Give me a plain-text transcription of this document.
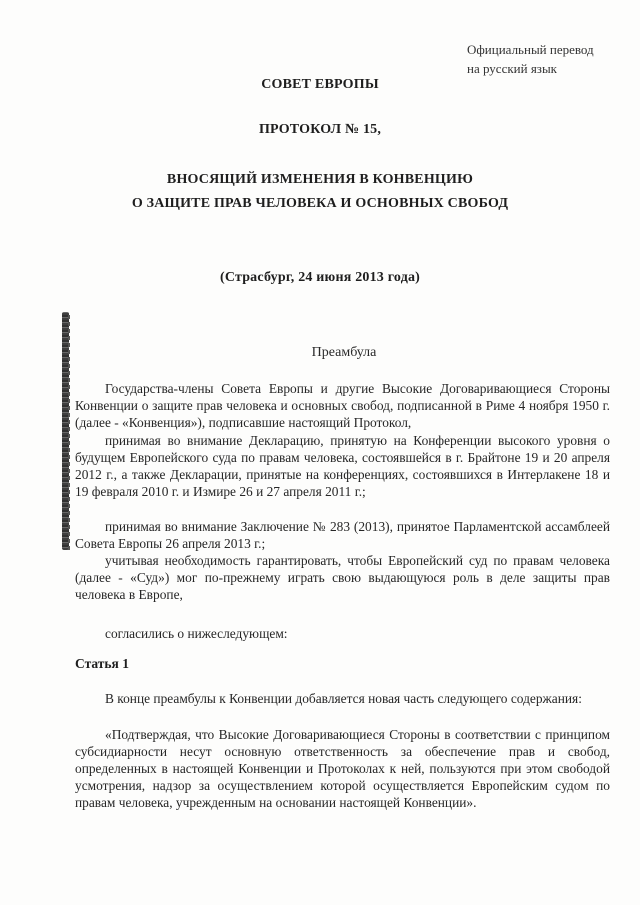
Официальный перевод
на русский язык
СОВЕТ ЕВРОПЫ
ПРОТОКОЛ № 15,
ВНОСЯЩИЙ ИЗМЕНЕНИЯ В КОНВЕНЦИЮ
О ЗАЩИТЕ ПРАВ ЧЕЛОВЕКА И ОСНОВНЫХ СВОБОД
(Страсбург, 24 июня 2013 года)
Преамбула
Государства-члены Совета Европы и другие Высокие Договаривающиеся Стороны Конвенции о защите прав человека и основных свобод, подписанной в Риме 4 ноября 1950 г. (далее - «Конвенция»), подписавшие настоящий Протокол,
принимая во внимание Декларацию, принятую на Конференции высокого уровня о будущем Европейского суда по правам человека, состоявшейся в г. Брайтоне 19 и 20 апреля 2012 г., а также Декларации, принятые на конференциях, состоявшихся в Интерлакене 18 и 19 февраля 2010 г. и Измире 26 и 27 апреля 2011 г.;
принимая во внимание Заключение № 283 (2013), принятое Парламентской ассамблеей Совета Европы 26 апреля 2013 г.;
учитывая необходимость гарантировать, чтобы Европейский суд по правам человека (далее - «Суд») мог по-прежнему играть свою выдающуюся роль в деле защиты прав человека в Европе,
согласились о нижеследующем:
Статья 1
В конце преамбулы к Конвенции добавляется новая часть следующего содержания:
«Подтверждая, что Высокие Договаривающиеся Стороны в соответствии с принципом субсидиарности несут основную ответственность за обеспечение прав и свобод, определенных в настоящей Конвенции и Протоколах к ней, пользуются при этом свободой усмотрения, надзор за осуществлением которой осуществляется Европейским судом по правам человека, учрежденным на основании настоящей Конвенции».
